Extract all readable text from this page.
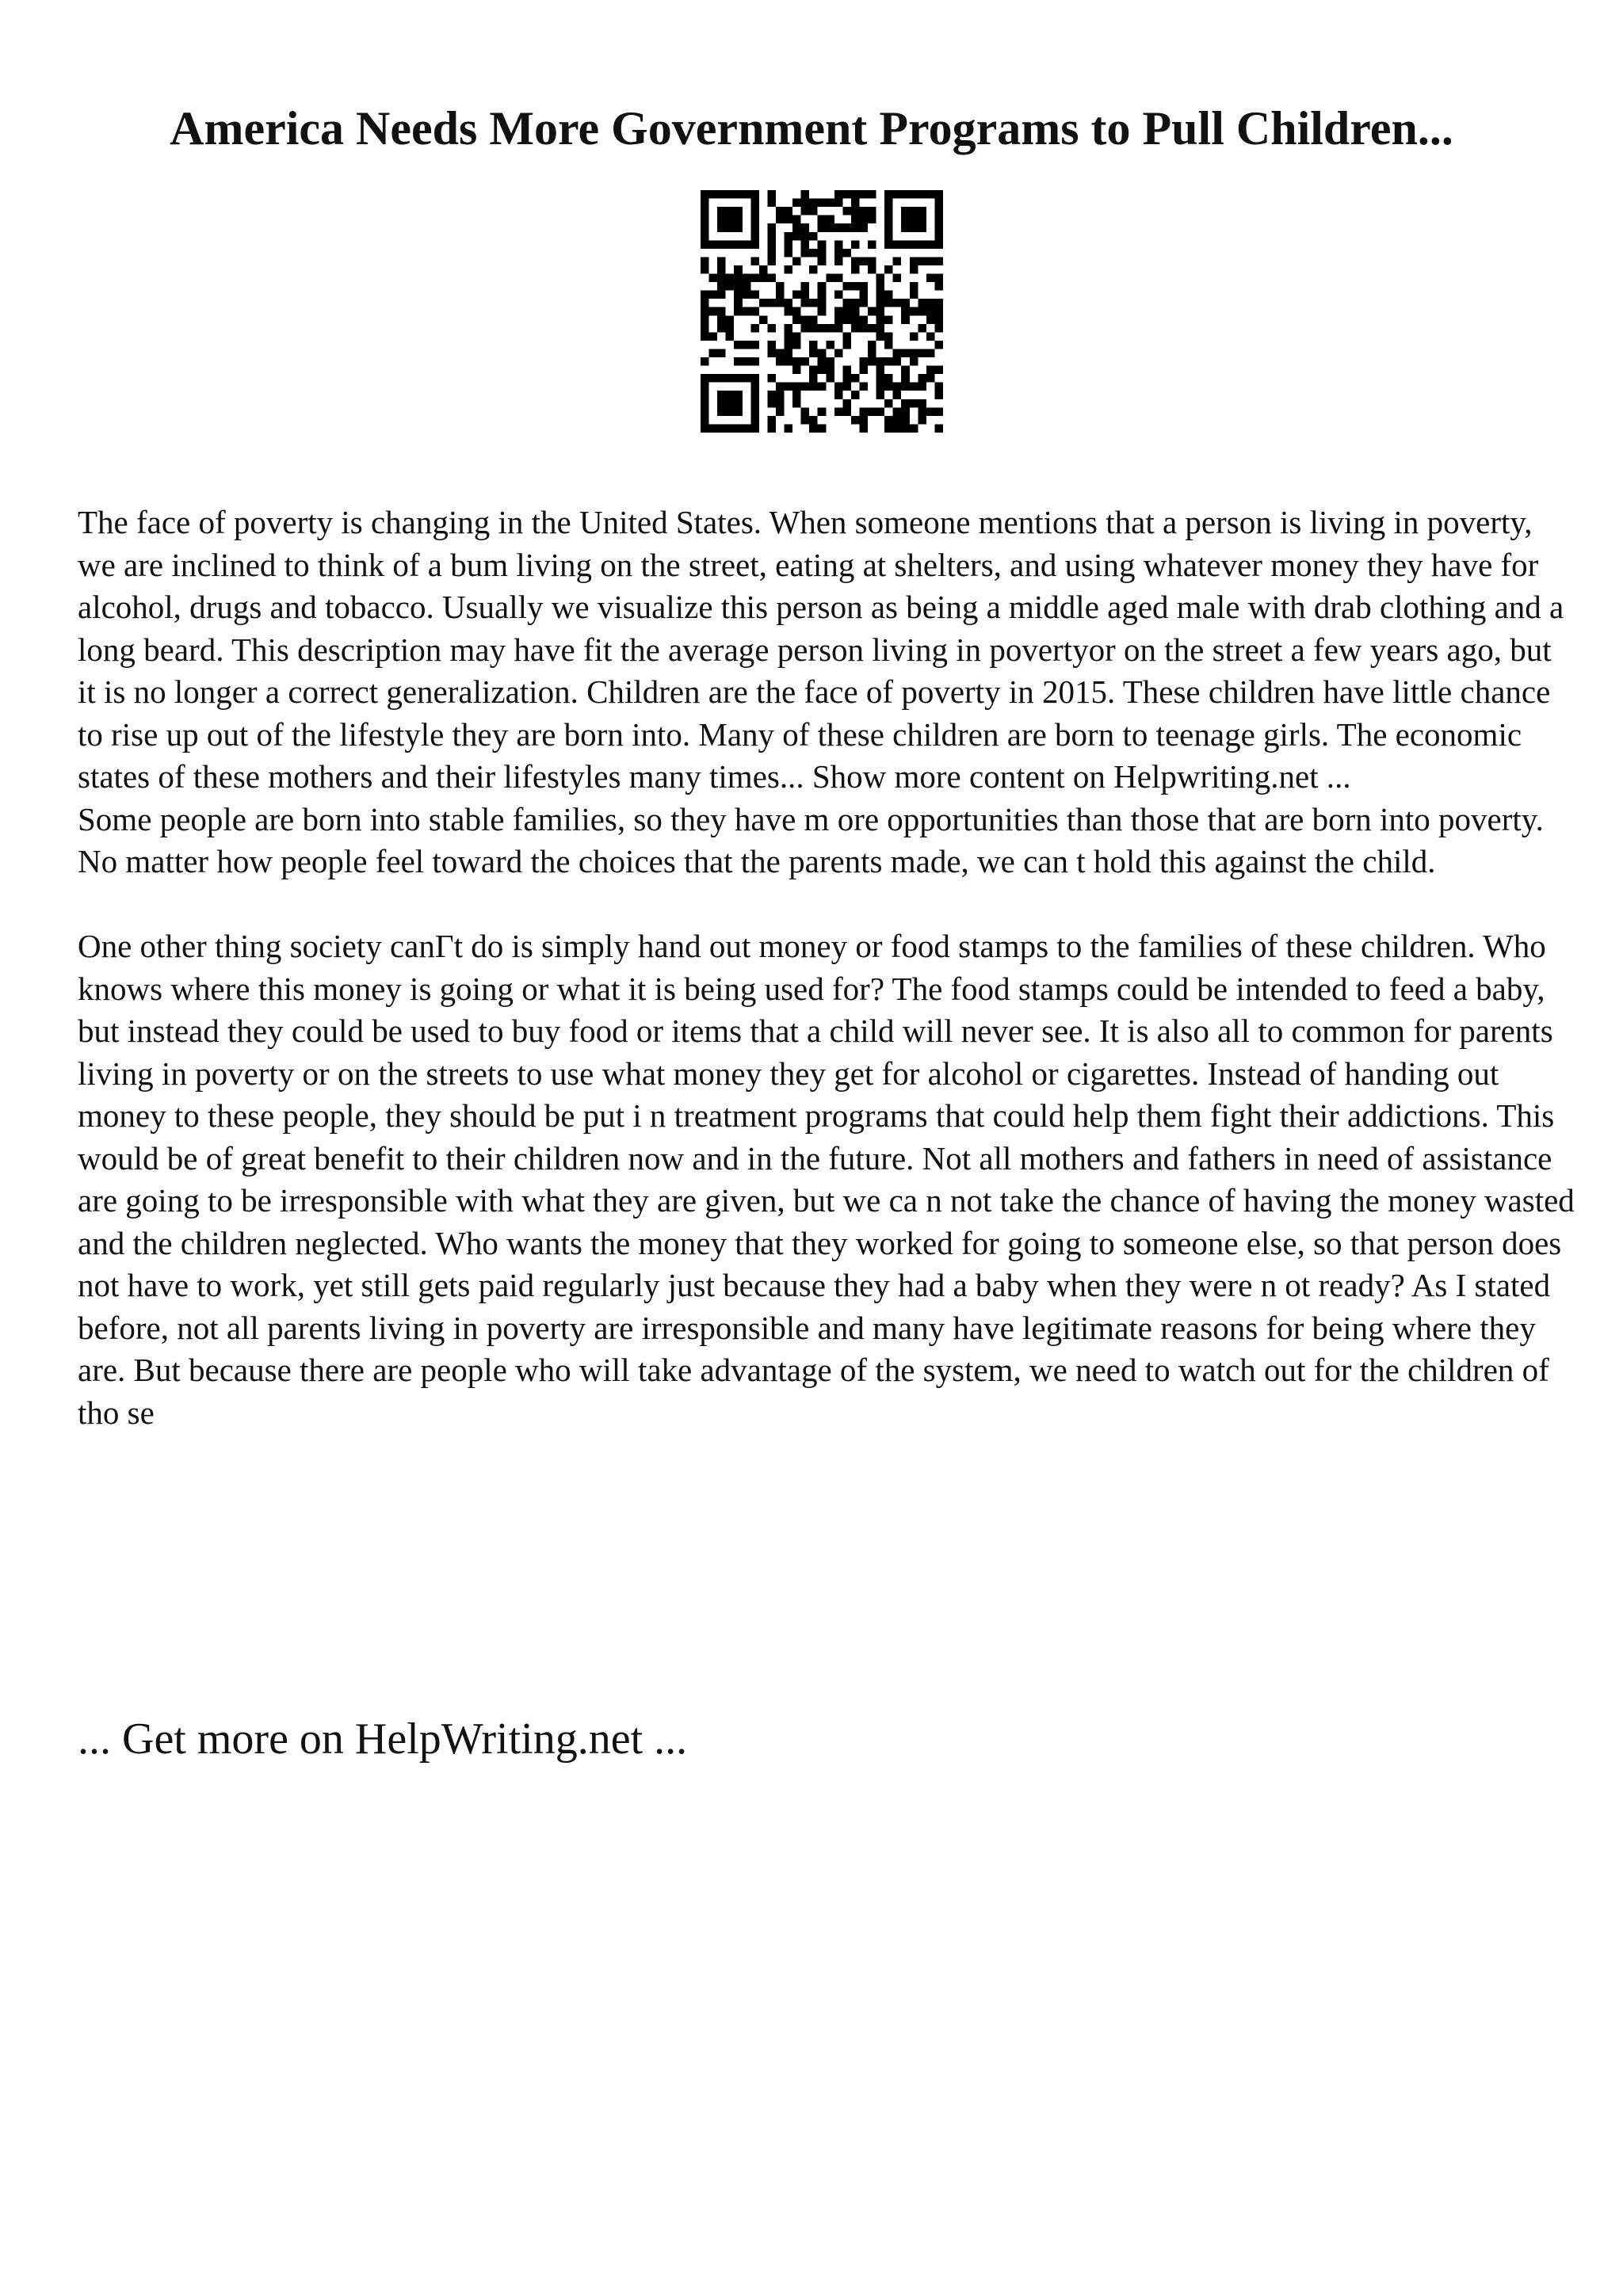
America Needs More Government Programs to Pull Children...

The face of poverty is changing in the United States. When someone mentions that a person is living in poverty, we are inclined to think of a bum living on the street, eating at shelters, and using whatever money they have for alcohol, drugs and tobacco. Usually we visualize this person as being a middle aged male with drab clothing and a long beard. This description may have fit the average person living in povertyor on the street a few years ago, but it is no longer a correct generalization. Children are the face of poverty in 2015. These children have little chance to rise up out of the lifestyle they are born into. Many of these children are born to teenage girls. The economic states of these mothers and their lifestyles many times... Show more content on Helpwriting.net ...

Some people are born into stable families, so they have m ore opportunities than those that are born into poverty. No matter how people feel toward the choices that the parents made, we can t hold this against the child.

One other thing society canΓt do is simply hand out money or food stamps to the families of these children. Who knows where this money is going or what it is being used for? The food stamps could be intended to feed a baby, but instead they could be used to buy food or items that a child will never see. It is also all to common for parents living in poverty or on the streets to use what money they get for alcohol or cigarettes. Instead of handing out money to these people, they should be put i n treatment programs that could help them fight their addictions. This would be of great benefit to their children now and in the future. Not all mothers and fathers in need of assistance are going to be irresponsible with what they are given, but we ca n not take the chance of having the money wasted and the children neglected. Who wants the money that they worked for going to someone else, so that person does not have to work, yet still gets paid regularly just because they had a baby when they were n ot ready? As I stated before, not all parents living in poverty are irresponsible and many have legitimate reasons for being where they are. But because there are people who will take advantage of the system, we need to watch out for the children of tho se

... Get more on HelpWriting.net ...
